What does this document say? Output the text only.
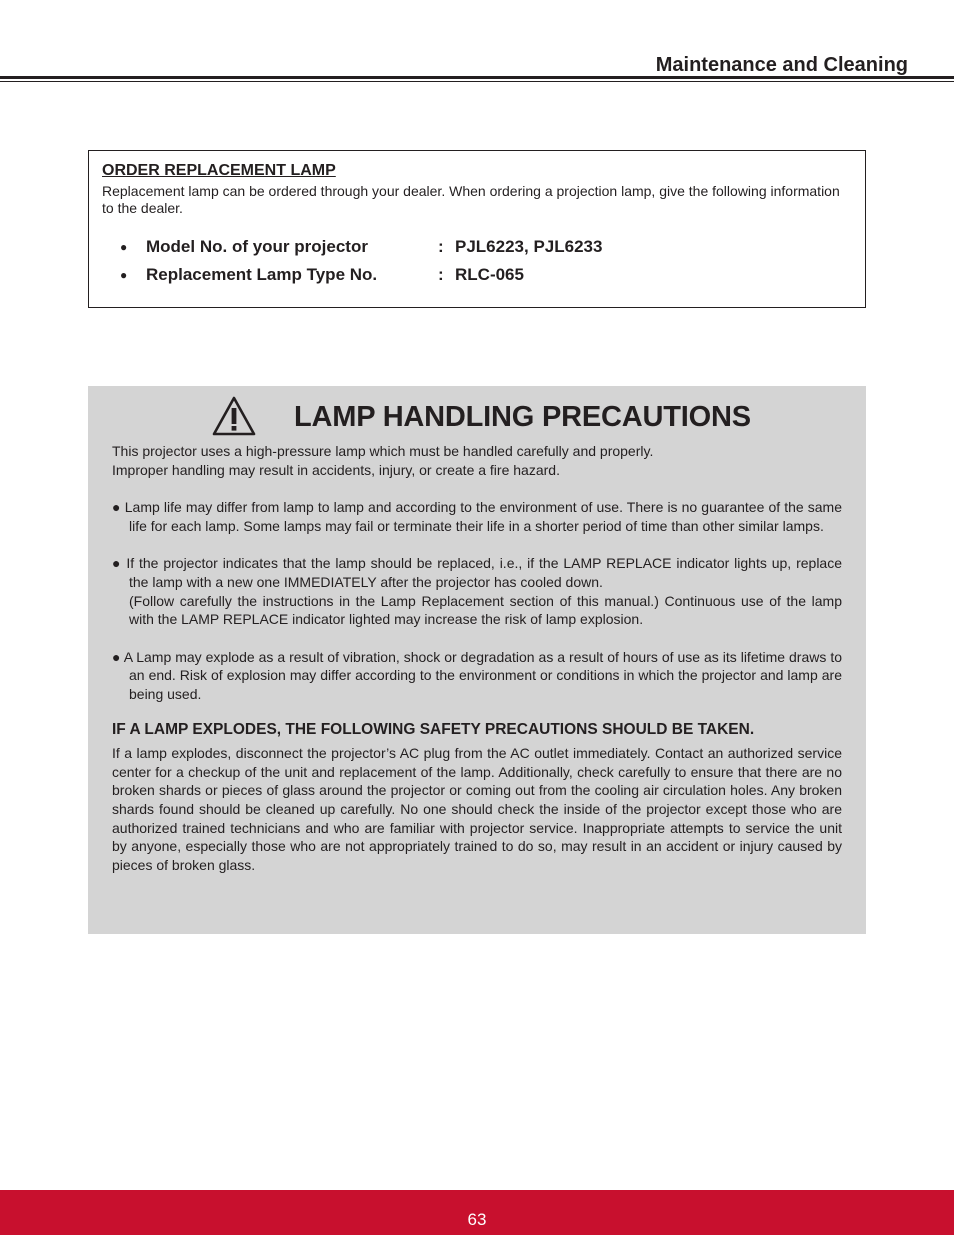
Maintenance and Cleaning
ORDER REPLACEMENT LAMP

Replacement lamp can be ordered through your dealer. When ordering a projection lamp, give the following information to the dealer.

●	Model No. of your projector	: PJL6223, PJL6233
●	Replacement Lamp Type No.	: RLC-065
LAMP HANDLING PRECAUTIONS

This projector uses a high-pressure lamp which must be handled carefully and properly.

Improper handling may result in accidents, injury, or create a fire hazard.

● Lamp life may differ from lamp to lamp and according to the environment of use. There is no guarantee of the same life for each lamp. Some lamps may fail or terminate their life in a shorter period of time than other similar lamps.

● If the projector indicates that the lamp should be replaced, i.e., if the LAMP REPLACE indicator lights up, replace the lamp with a new one IMMEDIATELY after the projector has cooled down.

(Follow carefully the instructions in the Lamp Replacement section of this manual.) Continuous use of the lamp with the LAMP REPLACE indicator lighted may increase the risk of lamp explosion.

● A Lamp may explode as a result of vibration, shock or degradation as a result of hours of use as its lifetime draws to an end. Risk of explosion may differ according to the environment or conditions in which the projector and lamp are being used.

IF A LAMP EXPLODES, THE FOLLOWING SAFETY PRECAUTIONS SHOULD BE TAKEN.

If a lamp explodes, disconnect the projector’s AC plug from the AC outlet immediately. Contact an authorized service center for a checkup of the unit and replacement of the lamp. Additionally, check carefully to ensure that there are no broken shards or pieces of glass around the projector or coming out from the cooling air circulation holes. Any broken shards found should be cleaned up carefully. No one should check the inside of the projector except those who are authorized trained technicians and who are familiar with projector service. Inappropriate attempts to service the unit by anyone, especially those who are not appropriately trained to do so, may result in an accident or injury caused by pieces of broken glass.

63
